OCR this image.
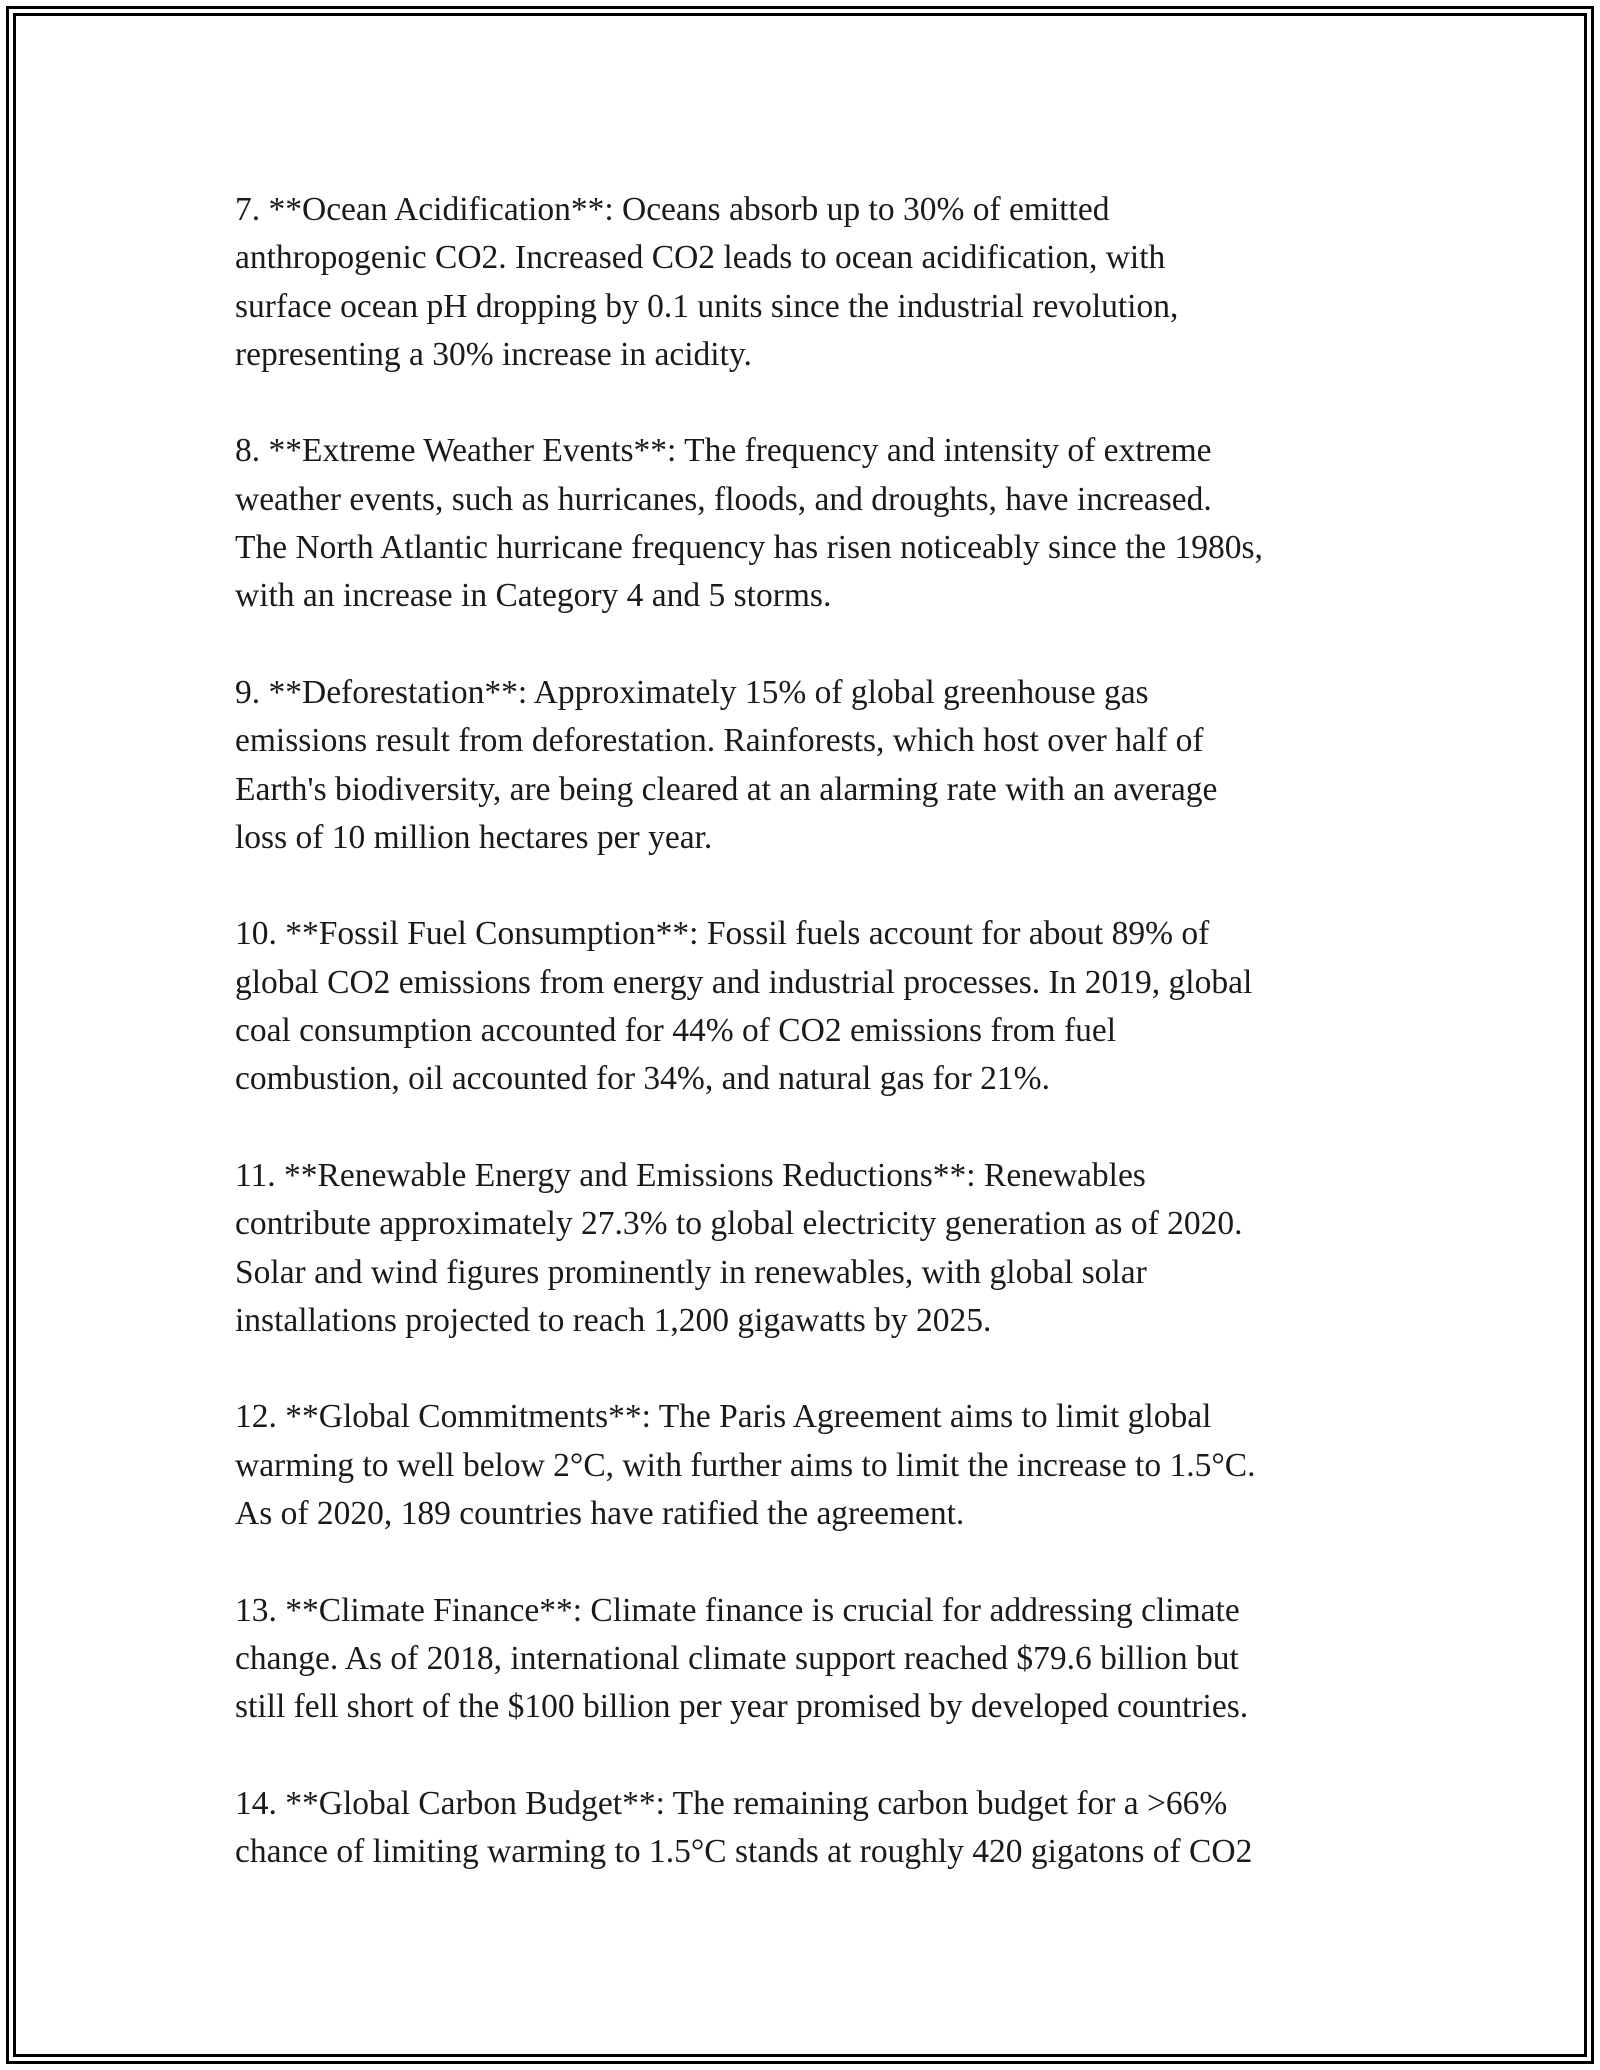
7. **Ocean Acidification**: Oceans absorb up to 30% of emitted
anthropogenic CO2. Increased CO2 leads to ocean acidification, with
surface ocean pH dropping by 0.1 units since the industrial revolution,
representing a 30% increase in acidity.

8. **Extreme Weather Events**: The frequency and intensity of extreme
weather events, such as hurricanes, floods, and droughts, have increased.
The North Atlantic hurricane frequency has risen noticeably since the 1980s,
with an increase in Category 4 and 5 storms.

9. **Deforestation**: Approximately 15% of global greenhouse gas
emissions result from deforestation. Rainforests, which host over half of
Earth's biodiversity, are being cleared at an alarming rate with an average
loss of 10 million hectares per year.

10. **Fossil Fuel Consumption**: Fossil fuels account for about 89% of
global CO2 emissions from energy and industrial processes. In 2019, global
coal consumption accounted for 44% of CO2 emissions from fuel
combustion, oil accounted for 34%, and natural gas for 21%.

11. **Renewable Energy and Emissions Reductions**: Renewables
contribute approximately 27.3% to global electricity generation as of 2020.
Solar and wind figures prominently in renewables, with global solar
installations projected to reach 1,200 gigawatts by 2025.

12. **Global Commitments**: The Paris Agreement aims to limit global
warming to well below 2°C, with further aims to limit the increase to 1.5°C.
As of 2020, 189 countries have ratified the agreement.

13. **Climate Finance**: Climate finance is crucial for addressing climate
change. As of 2018, international climate support reached $79.6 billion but
still fell short of the $100 billion per year promised by developed countries.

14. **Global Carbon Budget**: The remaining carbon budget for a >66%
chance of limiting warming to 1.5°C stands at roughly 420 gigatons of CO2
